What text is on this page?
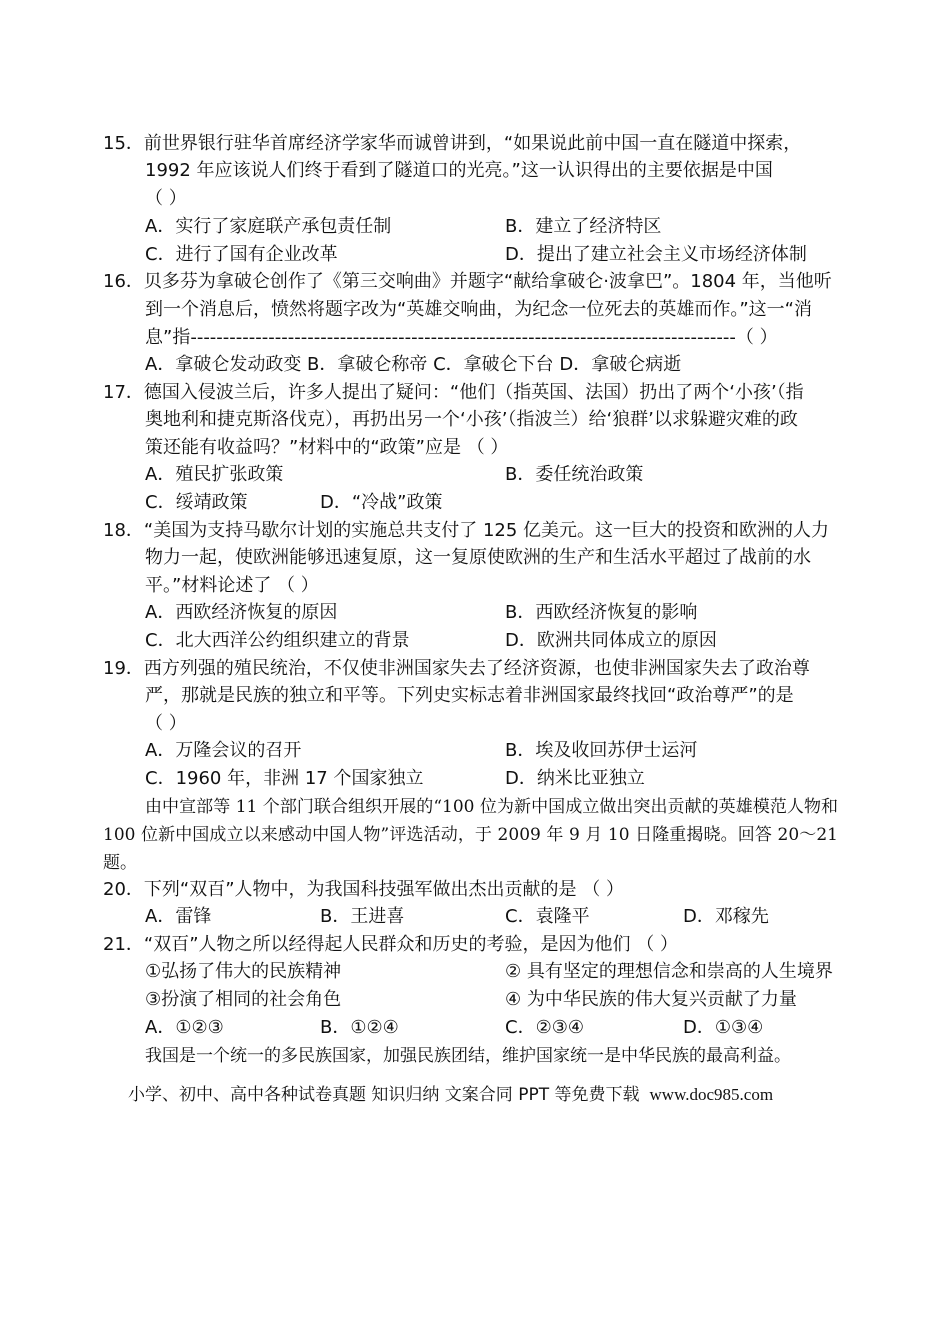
15．前世界银行驻华首席经济学家华而诚曾讲到，“如果说此前中国一直在隧道中探索，
1992 年应该说人们终于看到了隧道口的光亮。”这一认识得出的主要依据是中国
（ ）
A．实行了家庭联产承包责任制	B．建立了经济特区
C．进行了国有企业改革	D．提出了建立社会主义市场经济体制
16．贝多芬为拿破仑创作了《第三交响曲》并题字“献给拿破仑·波拿巴”。1804 年，当他听
到一个消息后，愤然将题字改为“英雄交响曲，为纪念一位死去的英雄而作。”这一“消
息”指------------------------------------------------------------------------------------（ ）
A．拿破仑发动政变 B．拿破仑称帝 C．拿破仑下台 D．拿破仑病逝
17．德国入侵波兰后，许多人提出了疑问：“他们（指英国、法国）扔出了两个‘小孩’（指
奥地利和捷克斯洛伐克），再扔出另一个‘小孩’（指波兰）给‘狼群’以求躲避灾难的政
策还能有收益吗？”材料中的“政策”应是 （ ）
A．殖民扩张政策	B．委任统治政策
C．绥靖政策	D．“冷战”政策
18．“美国为支持马歇尔计划的实施总共支付了 125 亿美元。这一巨大的投资和欧洲的人力
物力一起，使欧洲能够迅速复原，这一复原使欧洲的生产和生活水平超过了战前的水
平。”材料论述了 （ ）
A．西欧经济恢复的原因	B．西欧经济恢复的影响
C．北大西洋公约组织建立的背景	D．欧洲共同体成立的原因
19．西方列强的殖民统治，不仅使非洲国家失去了经济资源，也使非洲国家失去了政治尊
严，那就是民族的独立和平等。下列史实标志着非洲国家最终找回“政治尊严”的是
（ ）
A．万隆会议的召开	B．埃及收回苏伊士运河
C．1960 年，非洲 17 个国家独立	D．纳米比亚独立
由中宣部等 11 个部门联合组织开展的“100 位为新中国成立做出突出贡献的英雄模范人物和 100 位新中国成立以来感动中国人物”评选活动，于 2009 年 9 月 10 日隆重揭晓。回答 20～21 题。
20．下列“双百”人物中，为我国科技强军做出杰出贡献的是 （ ）
A．雷锋	B．王进喜	C．袁隆平	D．邓稼先
21．“双百”人物之所以经得起人民群众和历史的考验，是因为他们 （ ）
①弘扬了伟大的民族精神	② 具有坚定的理想信念和崇高的人生境界
③扮演了相同的社会角色	④ 为中华民族的伟大复兴贡献了力量
A．①②③	B．①②④	C．②③④	D．①③④
我国是一个统一的多民族国家，加强民族团结，维护国家统一是中华民族的最高利益。
小学、初中、高中各种试卷真题 知识归纳 文案合同 PPT 等免费下载 www.doc985.com
